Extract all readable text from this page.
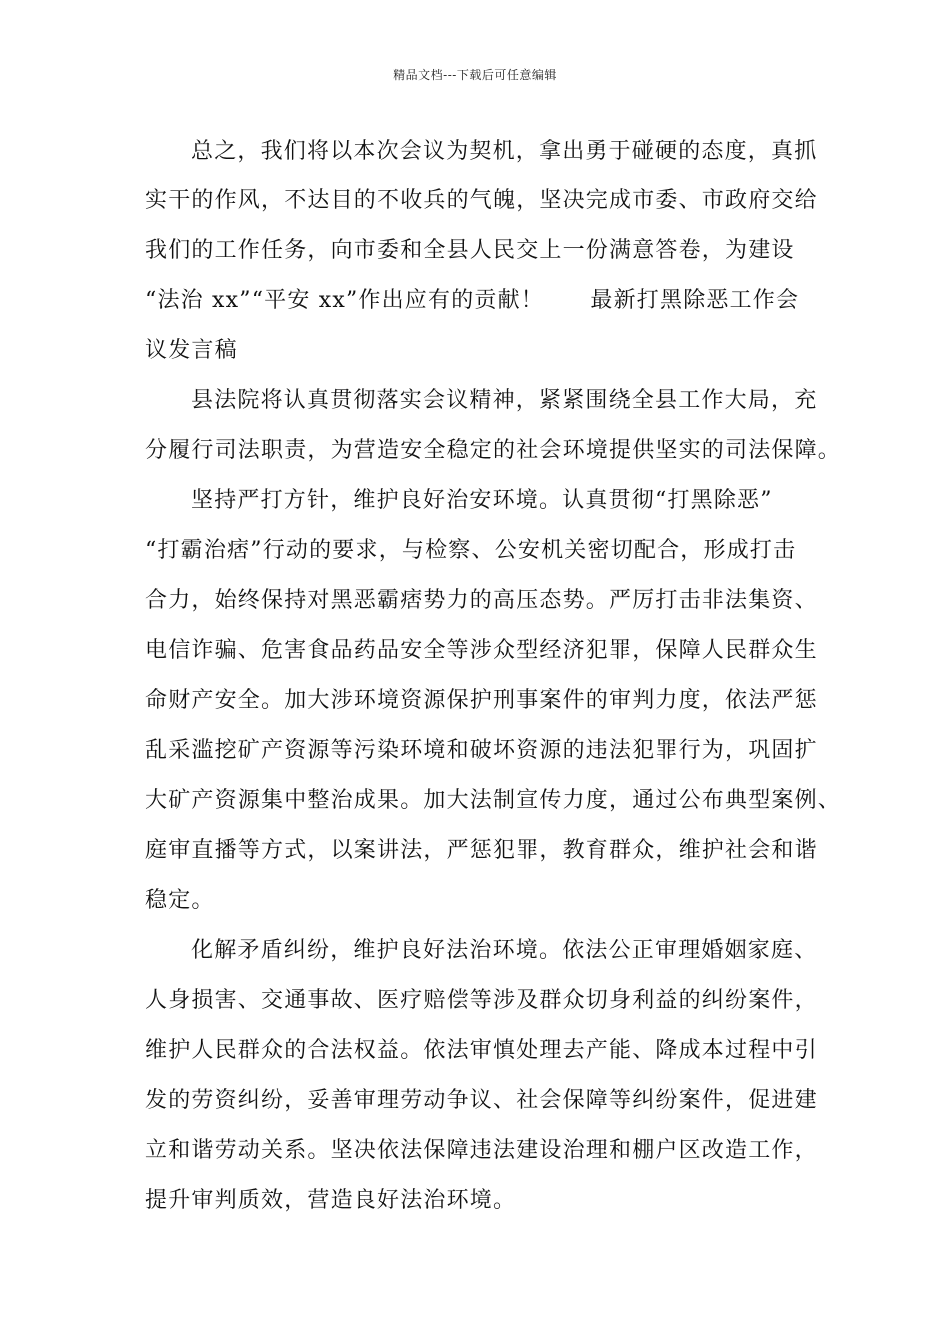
精品文档---下载后可任意编辑
总之，我们将以本次会议为契机，拿出勇于碰硬的态度，真抓
实干的作风，不达目的不收兵的气魄，坚决完成市委、市政府交给
我们的工作任务，向市委和全县人民交上一份满意答卷，为建设
“法治 xx”“平安 xx”作出应有的贡献！　　最新打黑除恶工作会
议发言稿
县法院将认真贯彻落实会议精神，紧紧围绕全县工作大局，充
分履行司法职责，为营造安全稳定的社会环境提供坚实的司法保障。
坚持严打方针，维护良好治安环境。认真贯彻“打黑除恶”
“打霸治痞”行动的要求，与检察、公安机关密切配合，形成打击
合力，始终保持对黑恶霸痞势力的高压态势。严厉打击非法集资、
电信诈骗、危害食品药品安全等涉众型经济犯罪，保障人民群众生
命财产安全。加大涉环境资源保护刑事案件的审判力度，依法严惩
乱采滥挖矿产资源等污染环境和破坏资源的违法犯罪行为，巩固扩
大矿产资源集中整治成果。加大法制宣传力度，通过公布典型案例、
庭审直播等方式，以案讲法，严惩犯罪，教育群众，维护社会和谐
稳定。
化解矛盾纠纷，维护良好法治环境。依法公正审理婚姻家庭、
人身损害、交通事故、医疗赔偿等涉及群众切身利益的纠纷案件，
维护人民群众的合法权益。依法审慎处理去产能、降成本过程中引
发的劳资纠纷，妥善审理劳动争议、社会保障等纠纷案件，促进建
立和谐劳动关系。坚决依法保障违法建设治理和棚户区改造工作，
提升审判质效，营造良好法治环境。
